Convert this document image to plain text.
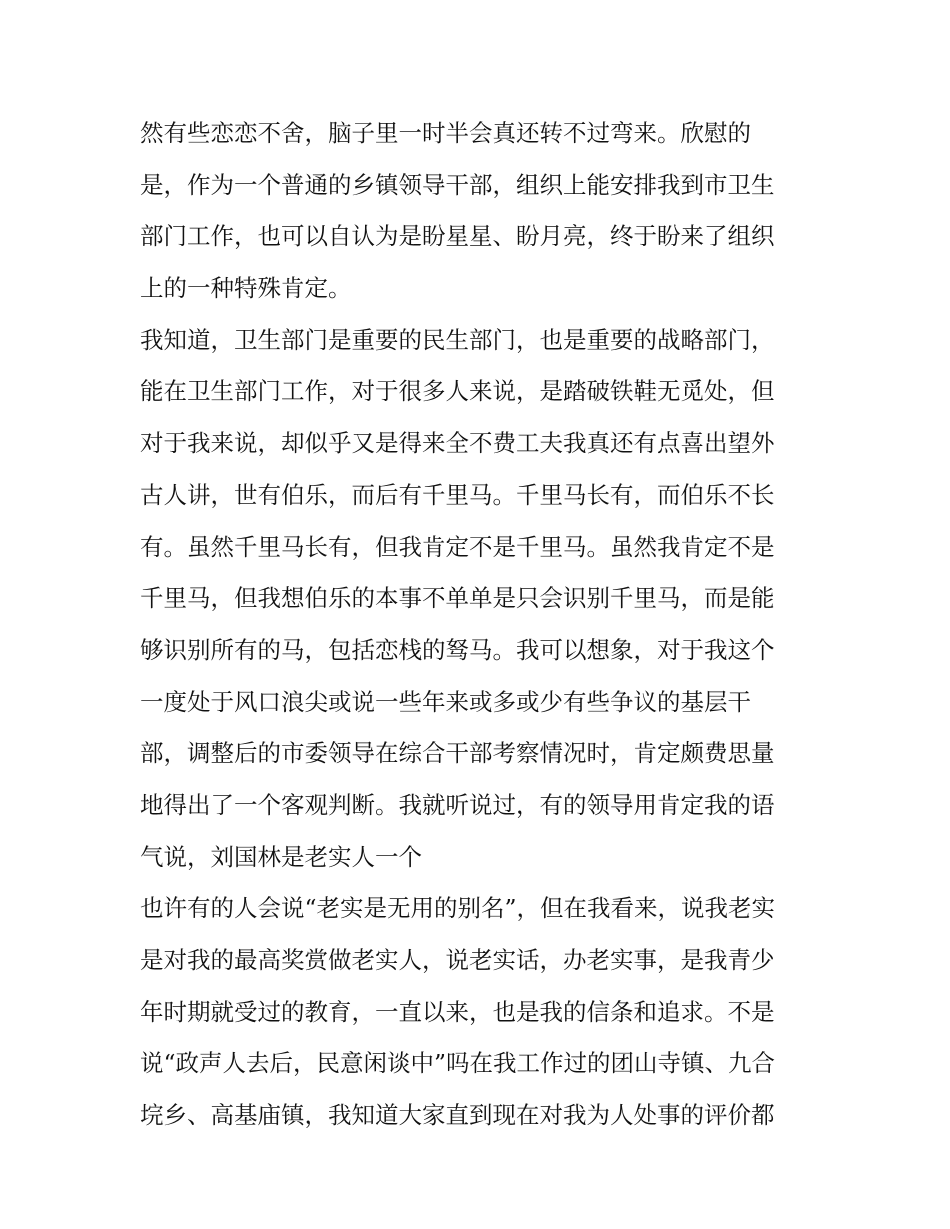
然有些恋恋不舍，脑子里一时半会真还转不过弯来。欣慰的
是，作为一个普通的乡镇领导干部，组织上能安排我到市卫生
部门工作，也可以自认为是盼星星、盼月亮，终于盼来了组织
上的一种特殊肯定。
我知道，卫生部门是重要的民生部门，也是重要的战略部门，
能在卫生部门工作，对于很多人来说，是踏破铁鞋无觅处，但
对于我来说，却似乎又是得来全不费工夫我真还有点喜出望外
古人讲，世有伯乐，而后有千里马。千里马长有，而伯乐不长
有。虽然千里马长有，但我肯定不是千里马。虽然我肯定不是
千里马，但我想伯乐的本事不单单是只会识别千里马，而是能
够识别所有的马，包括恋栈的驽马。我可以想象，对于我这个
一度处于风口浪尖或说一些年来或多或少有些争议的基层干
部，调整后的市委领导在综合干部考察情况时，肯定颇费思量
地得出了一个客观判断。我就听说过，有的领导用肯定我的语
气说，刘国林是老实人一个
也许有的人会说“老实是无用的别名”，但在我看来，说我老实
是对我的最高奖赏做老实人，说老实话，办老实事，是我青少
年时期就受过的教育，一直以来，也是我的信条和追求。不是
说“政声人去后，民意闲谈中”吗在我工作过的团山寺镇、九合
垸乡、高基庙镇，我知道大家直到现在对我为人处事的评价都
